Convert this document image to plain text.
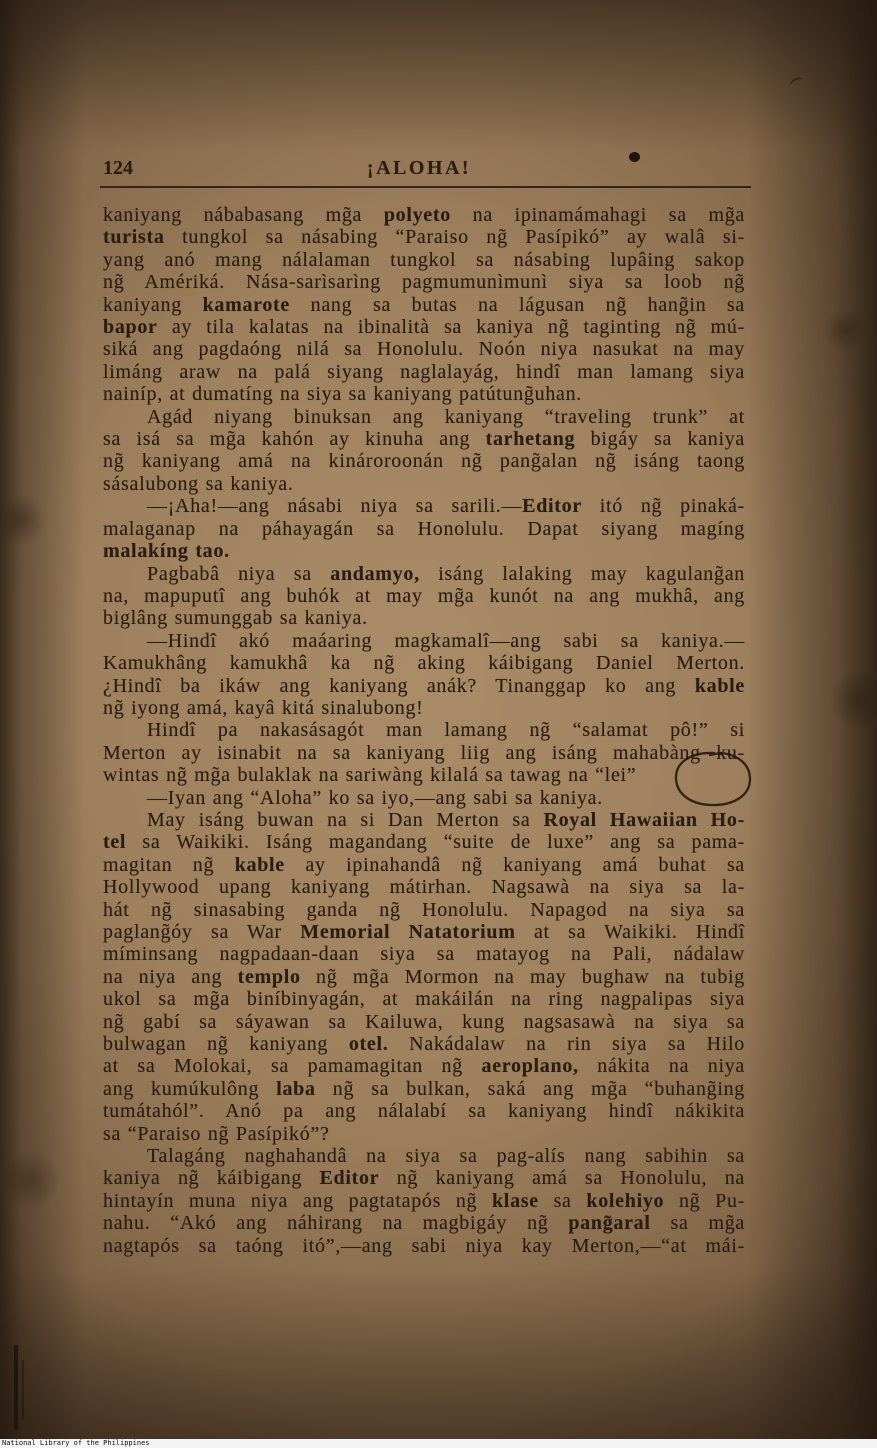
124	¡ALOHA!
kaniyang nábabasang mg̃a polyeto na ipinamámahagi sa mg̃a
turista tungkol sa násabing “Paraiso ng̃ Pasípikó” ay walâ si-
yang anó mang nálalaman tungkol sa násabing lupâing sakop
ng̃ Amériká. Nása-sarìsarìng pagmumunìmunì siya sa loob ng̃
kaniyang kamarote nang sa butas na lágusan ng̃ hang̃in sa
bapor ay tila kalatas na ibinalità sa kaniya ng̃ taginting ng̃ mú-
siká ang pagdaóng nilá sa Honolulu. Noón niya nasukat na may
limáng araw na palá siyang naglalayág, hindî man lamang siya
nainíp, at dumatíng na siya sa kaniyang patútung̃uhan.
Agád niyang binuksan ang kaniyang “traveling trunk” at
sa isá sa mg̃a kahón ay kinuha ang tarhetang bigáy sa kaniya
ng̃ kaniyang amá na kinároroonán ng̃ pang̃alan ng̃ isáng taong
sásalubong sa kaniya.
—¡Aha!—ang násabi niya sa sarili.—Editor itó ng̃ pinaká-
malaganap na páhayagán sa Honolulu. Dapat siyang magíng
malakíng tao.
Pagbabâ niya sa andamyo, isáng lalaking may kagulang̃an
na, mapuputî ang buhók at may mg̃a kunót na ang mukhâ, ang
biglâng sumunggab sa kaniya.
—Hindî akó maáaring magkamalî—ang sabi sa kaniya.—
Kamukhâng kamukhâ ka ng̃ aking káibigang Daniel Merton.
¿Hindî ba ikáw ang kaniyang anák? Tinanggap ko ang kable
ng̃ iyong amá, kayâ kitá sinalubong!
Hindî pa nakasásagót man lamang ng̃ “salamat pô!” si
Merton ay isinabit na sa kaniyang liig ang isáng mahabàng ku-
wintas ng̃ mg̃a bulaklak na sariwàng kilalá sa tawag na “lei”
—Iyan ang “Aloha” ko sa iyo,—ang sabi sa kaniya.
May isáng buwan na si Dan Merton sa Royal Hawaiian Ho-
tel sa Waikiki. Isáng magandang “suite de luxe” ang sa pama-
magitan ng̃ kable ay ipinahandâ ng̃ kaniyang amá buhat sa
Hollywood upang kaniyang mátirhan. Nagsawà na siya sa la-
hát ng̃ sinasabing ganda ng̃ Honolulu. Napagod na siya sa
paglang̃óy sa War Memorial Natatorium at sa Waikiki. Hindî
míminsang nagpadaan-daan siya sa matayog na Pali, nádalaw
na niya ang templo ng̃ mg̃a Mormon na may bughaw na tubig
ukol sa mg̃a biníbinyagán, at makáilán na ring nagpalipas siya
ng̃ gabí sa sáyawan sa Kailuwa, kung nagsasawà na siya sa
bulwagan ng̃ kaniyang otel. Nakádalaw na rin siya sa Hilo
at sa Molokai, sa pamamagitan ng̃ aeroplano, nákita na niya
ang kumúkulông laba ng̃ sa bulkan, saká ang mg̃a “buhang̃ing
tumátahól”. Anó pa ang nálalabí sa kaniyang hindî nákikita
sa “Paraiso ng̃ Pasípikó”?
Talagáng naghahandâ na siya sa pag-alís nang sabihin sa
kaniya ng̃ káibigang Editor ng̃ kaniyang amá sa Honolulu, na
hintayín muna niya ang pagtatapós ng̃ klase sa kolehiyo ng̃ Pu-
nahu. “Akó ang náhirang na magbigáy ng̃ pang̃aral sa mg̃a
nagtapós sa taóng itó”,—ang sabi niya kay Merton,—“at mái-
National Library of the Philippines
